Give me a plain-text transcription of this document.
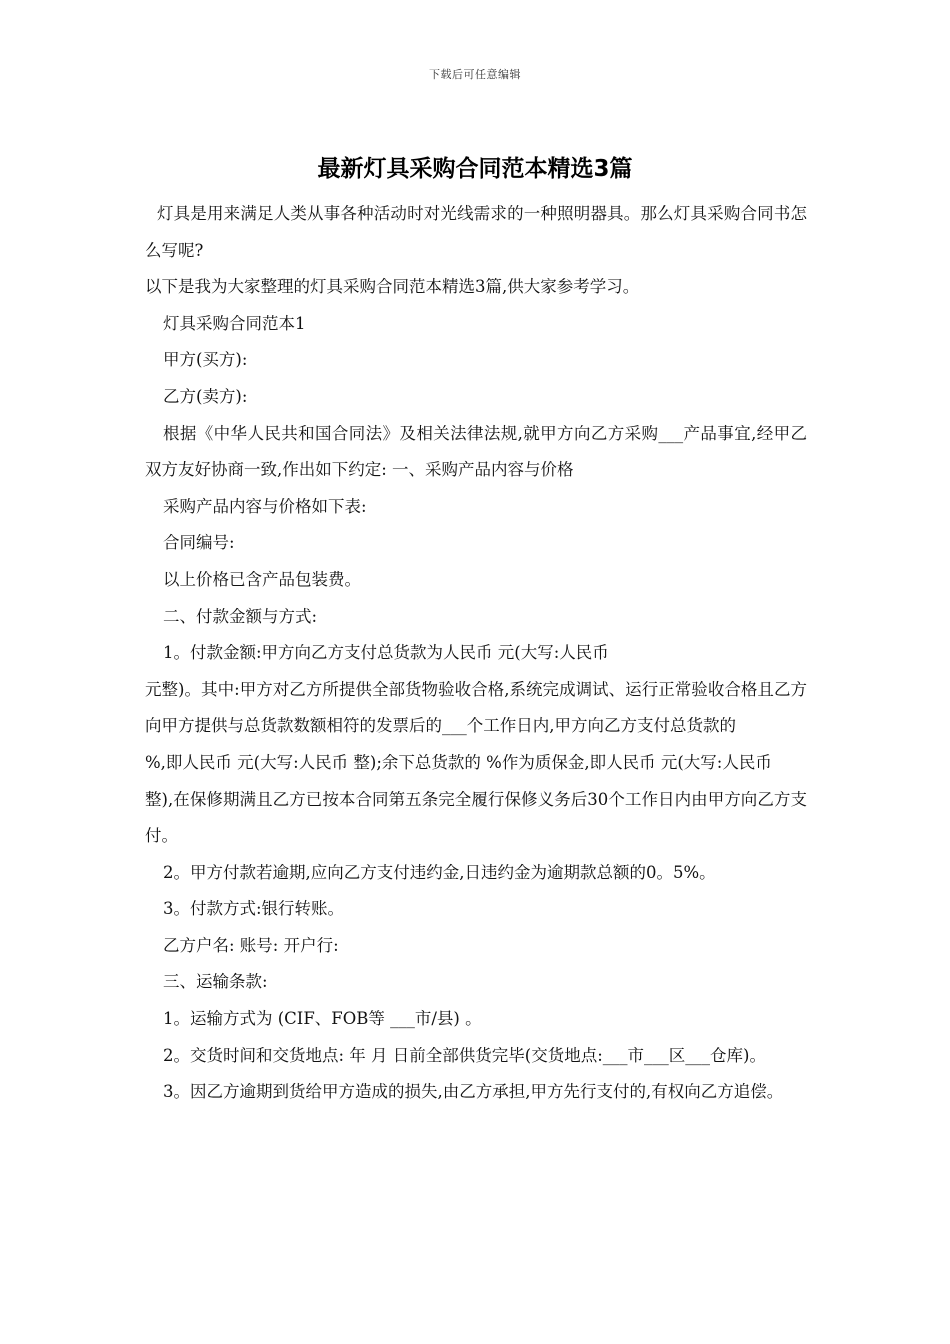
下载后可任意编辑
最新灯具采购合同范本精选3篇

灯具是用来满足人类从事各种活动时对光线需求的一种照明器具。那么灯具采购合同书怎么写呢?

以下是我为大家整理的灯具采购合同范本精选3篇,供大家参考学习。

灯具采购合同范本1

甲方(买方):

乙方(卖方):

根据《中华人民共和国合同法》及相关法律法规,就甲方向乙方采购___产品事宜,经甲乙双方友好协商一致,作出如下约定: 一、采购产品内容与价格

采购产品内容与价格如下表:

合同编号:

以上价格已含产品包装费。

二、付款金额与方式:

1。付款金额:甲方向乙方支付总货款为人民币 元(大写:人民币

元整)。其中:甲方对乙方所提供全部货物验收合格,系统完成调试、运行正常验收合格且乙方向甲方提供与总货款数额相符的发票后的___个工作日内,甲方向乙方支付总货款的

%,即人民币 元(大写:人民币 整);余下总货款的 %作为质保金,即人民币 元(大写:人民币

整),在保修期满且乙方已按本合同第五条完全履行保修义务后30个工作日内由甲方向乙方支付。

2。甲方付款若逾期,应向乙方支付违约金,日违约金为逾期款总额的0。5%。

3。付款方式:银行转账。

乙方户名: 账号: 开户行:

三、运输条款:

1。运输方式为 (CIF、FOB等 ___市/县) 。

2。交货时间和交货地点: 年 月 日前全部供货完毕(交货地点:___市___区___仓库)。

3。因乙方逾期到货给甲方造成的损失,由乙方承担,甲方先行支付的,有权向乙方追偿。
